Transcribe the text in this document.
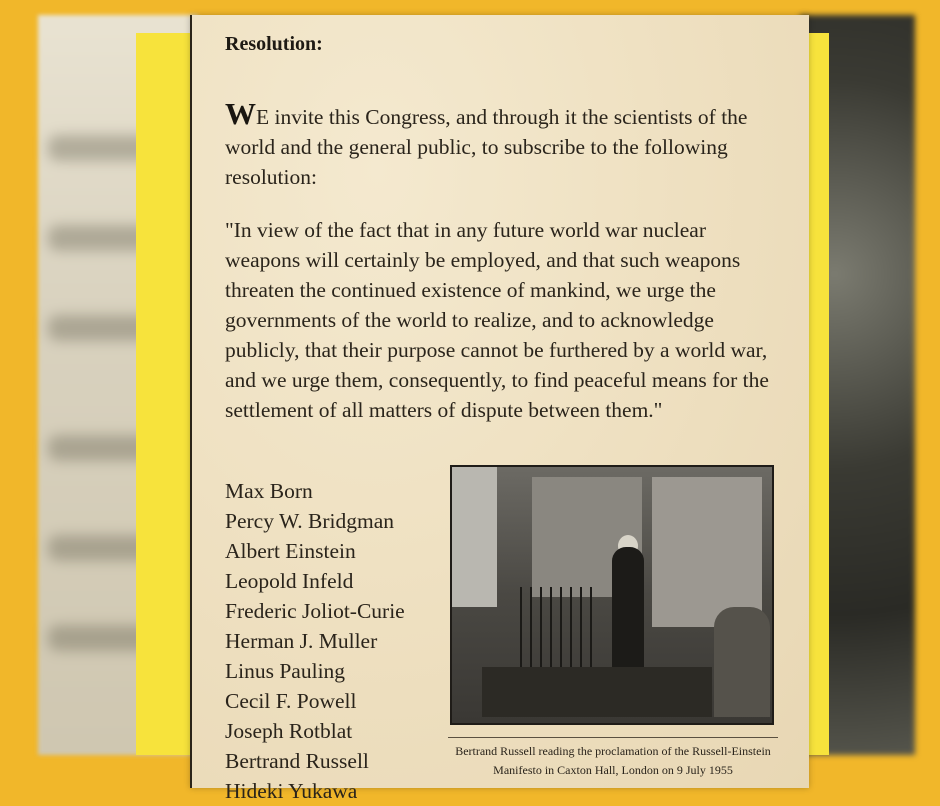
Resolution:

WE invite this Congress, and through it the scientists of the world and the general public, to subscribe to the following resolution:

"In view of the fact that in any future world war nuclear weapons will certainly be employed, and that such weapons threaten the continued existence of mankind, we urge the governments of the world to realize, and to acknowledge publicly, that their purpose cannot be furthered by a world war, and we urge them, consequently, to find peaceful means for the settlement of all matters of dispute between them."

Max Born
Percy W. Bridgman
Albert Einstein
Leopold Infeld
Frederic Joliot-Curie
Herman J. Muller
Linus Pauling
Cecil F. Powell
Joseph Rotblat
Bertrand Russell
Hideki Yukawa
Bertrand Russell reading the proclamation of the Russell-Einstein Manifesto in Caxton Hall, London on 9 July 1955
